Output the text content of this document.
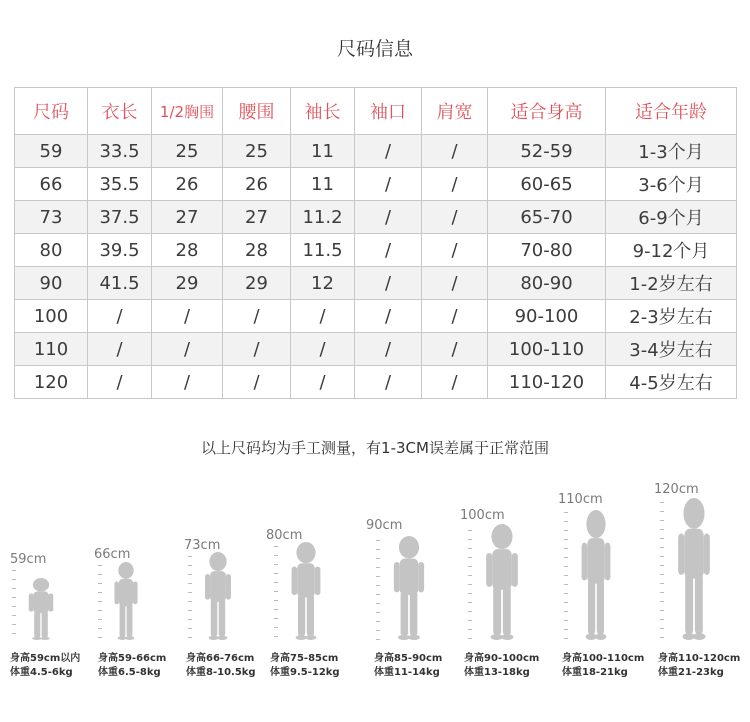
尺码信息
尺码	衣长	1/2胸围	腰围	袖长	袖口	肩宽	适合身高	适合年龄
59	33.5	25	25	11	/	/	52-59	1-3个月
66	35.5	26	26	11	/	/	60-65	3-6个月
73	37.5	27	27	11.2	/	/	65-70	6-9个月
80	39.5	28	28	11.5	/	/	70-80	9-12个月
90	41.5	29	29	12	/	/	80-90	1-2岁左右
100	/	/	/	/	/	/	90-100	2-3岁左右
110	/	/	/	/	/	/	100-110	3-4岁左右
120	/	/	/	/	/	/	110-120	4-5岁左右
以上尺码均为手工测量，有1-3CM误差属于正常范围
59cm
身高59cm以内
体重4.5-6kg
66cm
身高59-66cm
体重6.5-8kg
73cm
身高66-76cm
体重8-10.5kg
80cm
身高75-85cm
体重9.5-12kg
90cm
身高85-90cm
体重11-14kg
100cm
身高90-100cm
体重13-18kg
110cm
身高100-110cm
体重18-21kg
120cm
身高110-120cm
体重21-23kg
